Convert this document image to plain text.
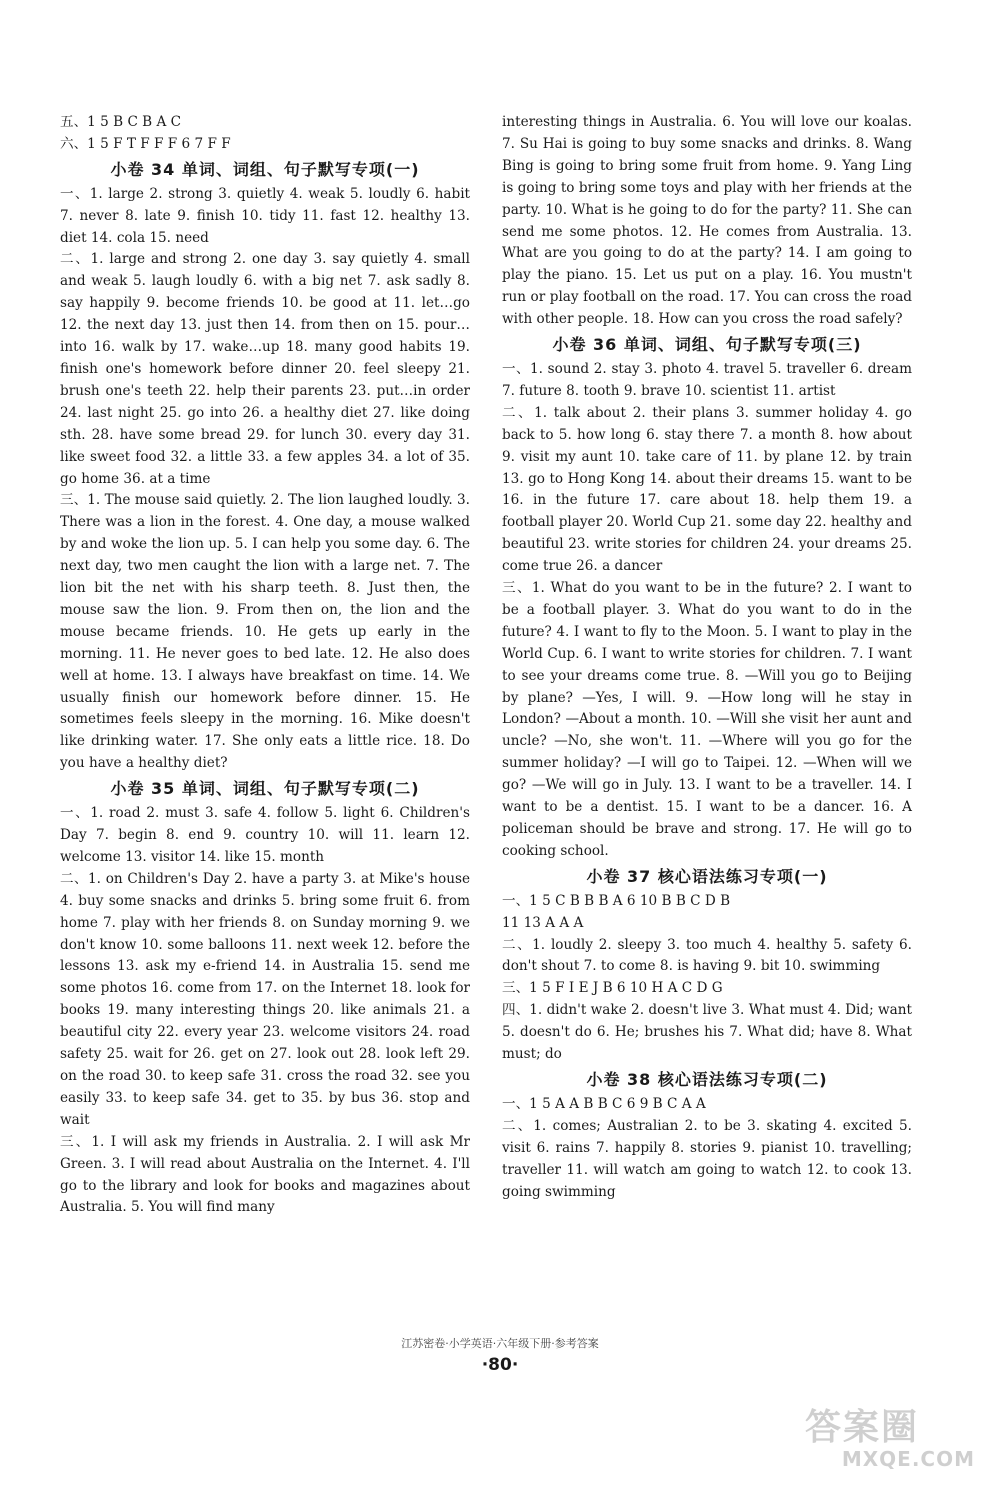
五、1 5 B C B A C

六、1 5 F T F F F 6 7 F F

小卷 34 单词、词组、句子默写专项(一)

一、1. large 2. strong 3. quietly 4. weak 5. loudly 6. habit 7. never 8. late 9. finish 10. tidy 11. fast 12. healthy 13. diet 14. cola 15. need

二、1. large and strong 2. one day 3. say quietly 4. small and weak 5. laugh loudly 6. with a big net 7. ask sadly 8. say happily 9. become friends 10. be good at 11. let…go 12. the next day 13. just then 14. from then on 15. pour…into 16. walk by 17. wake…up 18. many good habits 19. finish one's homework before dinner 20. feel sleepy 21. brush one's teeth 22. help their parents 23. put…in order 24. last night 25. go into 26. a healthy diet 27. like doing sth. 28. have some bread 29. for lunch 30. every day 31. like sweet food 32. a little 33. a few apples 34. a lot of 35. go home 36. at a time

三、1. The mouse said quietly. 2. The lion laughed loudly. 3. There was a lion in the forest. 4. One day, a mouse walked by and woke the lion up. 5. I can help you some day. 6. The next day, two men caught the lion with a large net. 7. The lion bit the net with his sharp teeth. 8. Just then, the mouse saw the lion. 9. From then on, the lion and the mouse became friends. 10. He gets up early in the morning. 11. He never goes to bed late. 12. He also does well at home. 13. I always have breakfast on time. 14. We usually finish our homework before dinner. 15. He sometimes feels sleepy in the morning. 16. Mike doesn't like drinking water. 17. She only eats a little rice. 18. Do you have a healthy diet?

小卷 35 单词、词组、句子默写专项(二)

一、1. road 2. must 3. safe 4. follow 5. light 6. Children's Day 7. begin 8. end 9. country 10. will 11. learn 12. welcome 13. visitor 14. like 15. month

二、1. on Children's Day 2. have a party 3. at Mike's house 4. buy some snacks and drinks 5. bring some fruit 6. from home 7. play with her friends 8. on Sunday morning 9. we don't know 10. some balloons 11. next week 12. before the lessons 13. ask my e-friend 14. in Australia 15. send me some photos 16. come from 17. on the Internet 18. look for books 19. many interesting things 20. like animals 21. a beautiful city 22. every year 23. welcome visitors 24. road safety 25. wait for 26. get on 27. look out 28. look left 29. on the road 30. to keep safe 31. cross the road 32. see you easily 33. to keep safe 34. get to 35. by bus 36. stop and wait

三、1. I will ask my friends in Australia. 2. I will ask Mr Green. 3. I will read about Australia on the Internet. 4. I'll go to the library and look for books and magazines about Australia. 5. You will find many

interesting things in Australia. 6. You will love our koalas. 7. Su Hai is going to buy some snacks and drinks. 8. Wang Bing is going to bring some fruit from home. 9. Yang Ling is going to bring some toys and play with her friends at the party. 10. What is he going to do for the party? 11. She can send me some photos. 12. He comes from Australia. 13. What are you going to do at the party? 14. I am going to play the piano. 15. Let us put on a play. 16. You mustn't run or play football on the road. 17. You can cross the road with other people. 18. How can you cross the road safely?

小卷 36 单词、词组、句子默写专项(三)

一、1. sound 2. stay 3. photo 4. travel 5. traveller 6. dream 7. future 8. tooth 9. brave 10. scientist 11. artist

二、1. talk about 2. their plans 3. summer holiday 4. go back to 5. how long 6. stay there 7. a month 8. how about 9. visit my aunt 10. take care of 11. by plane 12. by train 13. go to Hong Kong 14. about their dreams 15. want to be 16. in the future 17. care about 18. help them 19. a football player 20. World Cup 21. some day 22. healthy and beautiful 23. write stories for children 24. your dreams 25. come true 26. a dancer

三、1. What do you want to be in the future? 2. I want to be a football player. 3. What do you want to do in the future? 4. I want to fly to the Moon. 5. I want to play in the World Cup. 6. I want to write stories for children. 7. I want to see your dreams come true. 8. —Will you go to Beijing by plane? —Yes, I will. 9. —How long will he stay in London? —About a month. 10. —Will she visit her aunt and uncle? —No, she won't. 11. —Where will you go for the summer holiday? —I will go to Taipei. 12. —When will we go? —We will go in July. 13. I want to be a traveller. 14. I want to be a dentist. 15. I want to be a dancer. 16. A policeman should be brave and strong. 17. He will go to cooking school.

小卷 37 核心语法练习专项(一)

一、1 5 C B B B A 6 10 B B C D B

11 13 A A A

二、1. loudly 2. sleepy 3. too much 4. healthy 5. safety 6. don't shout 7. to come 8. is having 9. bit 10. swimming

三、1 5 F I E J B 6 10 H A C D G

四、1. didn't wake 2. doesn't live 3. What must 4. Did; want 5. doesn't do 6. He; brushes his 7. What did; have 8. What must; do

小卷 38 核心语法练习专项(二)

一、1 5 A A B B C 6 9 B C A A

二、1. comes; Australian 2. to be 3. skating 4. excited 5. visit 6. rains 7. happily 8. stories 9. pianist 10. travelling; traveller 11. will watch am going to watch 12. to cook 13. going swimming

江苏密卷·小学英语·六年级下册·参考答案
·80·
答案圈
MXQE.COM
